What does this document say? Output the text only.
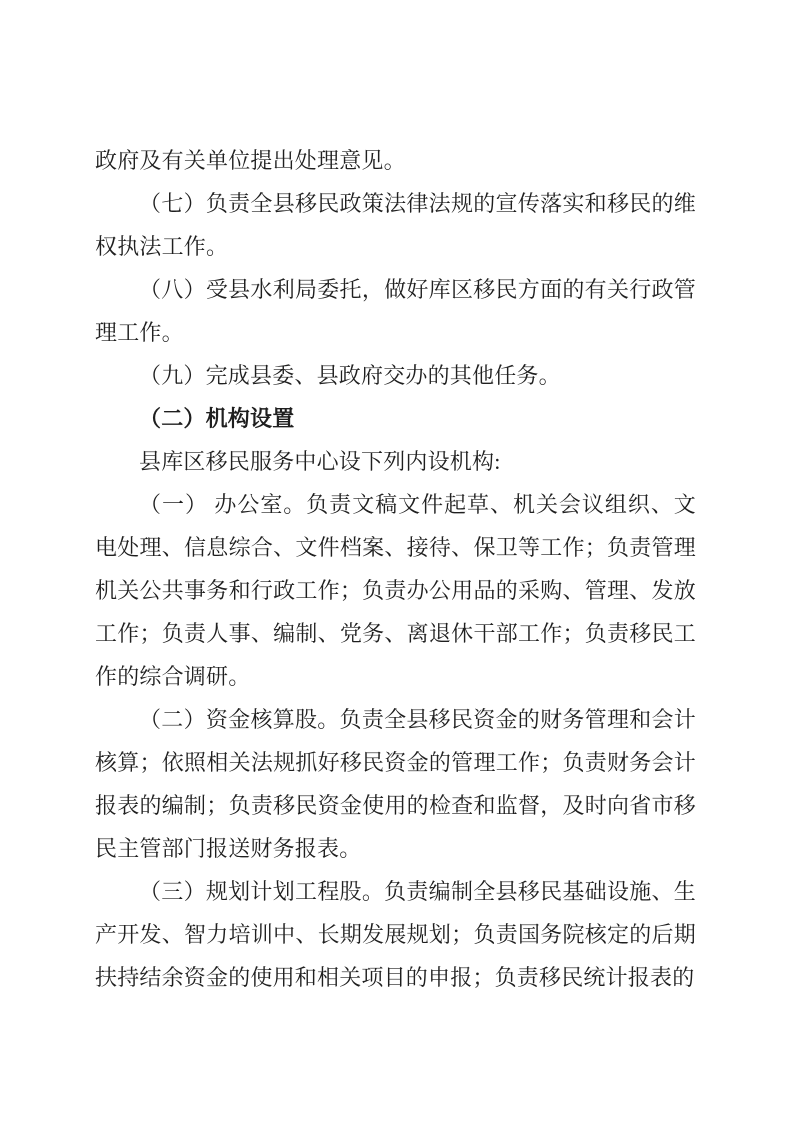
政府及有关单位提出处理意见。

（七）负责全县移民政策法律法规的宣传落实和移民的维权执法工作。

（八）受县水利局委托，做好库区移民方面的有关行政管理工作。

（九）完成县委、县政府交办的其他任务。

（二）机构设置

县库区移民服务中心设下列内设机构:

（一） 办公室。负责文稿文件起草、机关会议组织、文电处理、信息综合、文件档案、接待、保卫等工作；负责管理机关公共事务和行政工作；负责办公用品的采购、管理、发放工作；负责人事、编制、党务、离退休干部工作；负责移民工作的综合调研。

（二）资金核算股。负责全县移民资金的财务管理和会计核算；依照相关法规抓好移民资金的管理工作；负责财务会计报表的编制；负责移民资金使用的检查和监督，及时向省市移民主管部门报送财务报表。

（三）规划计划工程股。负责编制全县移民基础设施、生产开发、智力培训中、长期发展规划；负责国务院核定的后期扶持结余资金的使用和相关项目的申报；负责移民统计报表的
